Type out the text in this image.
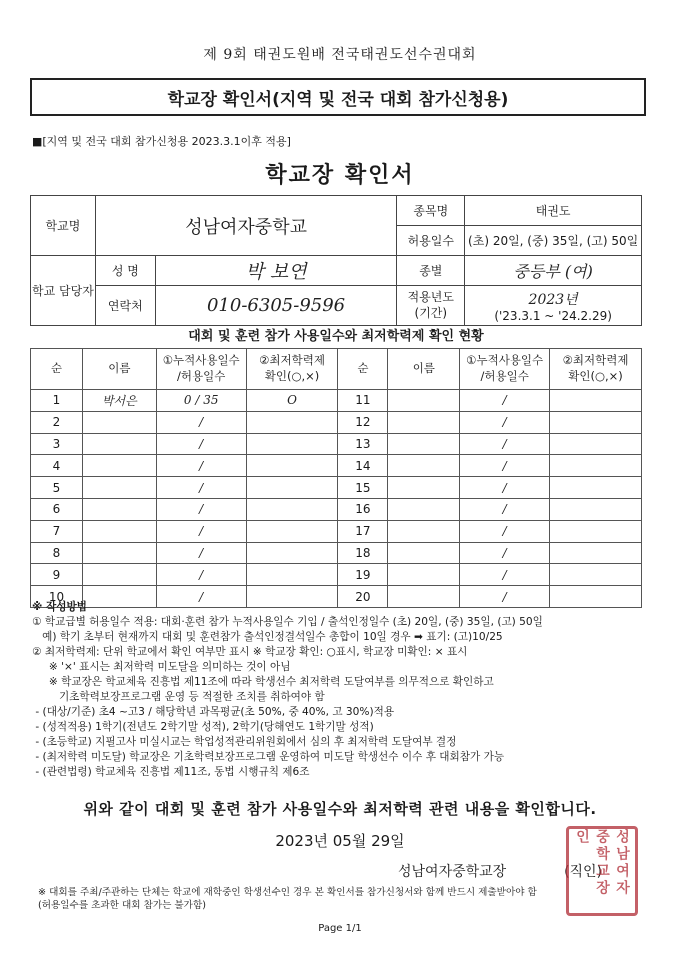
제 9회 태권도원배 전국태권도선수권대회
학교장 확인서(지역 및 전국 대회 참가신청용)
■[지역 및 전국 대회 참가신청용 2023.3.1이후 적용]
학교장 확인서
학교명	성남여자중학교		종목명	태권도
			허용일수	(초) 20일, (중) 35일, (고) 50일
학교 담당자	성 명	박 보연	종별	중등부 (여)
	연락처	010-6305-9596	적용년도 (기간)	2023년
('23.3.1 ~ '24.2.29)
대회 및 훈련 참가 사용일수와 최저학력제 확인 현황
순	이름	①누적사용일수
/허용일수	②최저학력제
확인(○,×)	순	이름	①누적사용일수
/허용일수	②최저학력제
확인(○,×)
1	박서은	0 / 35	O	11		/	
2		/		12		/	
3		/		13		/	
4		/		14		/	
5		/		15		/	
6		/		16		/	
7		/		17		/	
8		/		18		/	
9		/		19		/	
10		/		20		/	
※ 작성방법
① 학교급별 허용일수 적용: 대회·훈련 참가 누적사용일수 기입 / 출석인정일수 (초) 20일, (중) 35일, (고) 50일
예) 학기 초부터 현재까지 대회 및 훈련참가 출석인정결석일수 총합이 10일 경우 ➡ 표기: (고)10/25
② 최저학력제: 단위 학교에서 확인 여부만 표시 ※ 학교장 확인: ○표시, 학교장 미확인: × 표시
※ '×' 표시는 최저학력 미도달을 의미하는 것이 아님
※ 학교장은 학교체육 진흥법 제11조에 따라 학생선수 최저학력 도달여부를 의무적으로 확인하고
기초학력보장프로그램 운영 등 적절한 조치를 취하여야 함
- (대상/기준) 초4 ~고3 / 해당학년 과목평균(초 50%, 중 40%, 고 30%)적용
- (성적적용) 1학기(전년도 2학기말 성적), 2학기(당해연도 1학기말 성적)
- (초등학교) 지필고사 미실시교는 학업성적관리위원회에서 심의 후 최저학력 도달여부 결정
- (최저학력 미도달) 학교장은 기초학력보장프로그램 운영하여 미도달 학생선수 이수 후 대회참가 가능
- (관련법령) 학교체육 진흥법 제11조, 동법 시행규칙 제6조
위와 같이 대회 및 훈련 참가 사용일수와 최저학력 관련 내용을 확인합니다.
2023년 05월 29일
성남여자중학교장	(직인) 성남여자중학교장인
※ 대회를 주최/주관하는 단체는 학교에 재학중인 학생선수인 경우 본 확인서를 참가신청서와 함께 반드시 제출받아야 함
(허용일수를 초과한 대회 참가는 불가함)
Page 1/1
